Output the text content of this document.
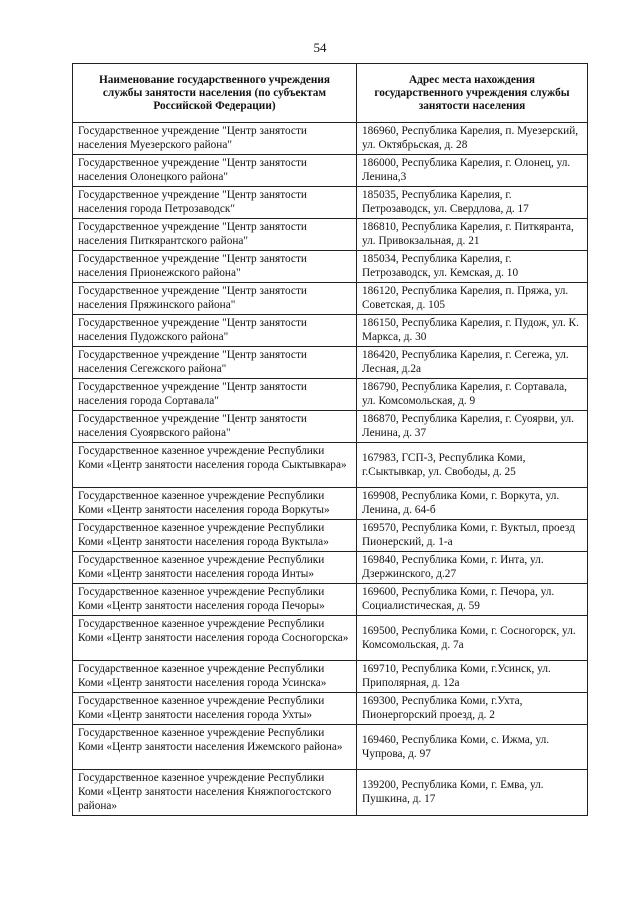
54
Наименование государственного учреждения службы занятости населения (по субъектам Российской Федерации)	Адрес места нахождения государственного учреждения службы занятости населения
Государственное учреждение "Центр занятости населения Муезерского района"	186960, Республика Карелия, п. Муезерский, ул. Октябрьская, д. 28
Государственное учреждение "Центр занятости населения Олонецкого района"	186000, Республика Карелия, г. Олонец, ул. Ленина,3
Государственное учреждение "Центр занятости населения города Петрозаводск"	185035, Республика Карелия, г. Петрозаводск, ул. Свердлова, д. 17
Государственное учреждение "Центр занятости населения Питкярантского района"	186810, Республика Карелия, г. Питкяранта, ул. Привокзальная, д. 21
Государственное учреждение "Центр занятости населения Прионежского района"	185034, Республика Карелия, г. Петрозаводск, ул. Кемская, д. 10
Государственное учреждение "Центр занятости населения Пряжинского района"	186120, Республика Карелия, п. Пряжа, ул. Советская, д. 105
Государственное учреждение "Центр занятости населения Пудожского района"	186150, Республика Карелия, г. Пудож, ул. К. Маркса, д. 30
Государственное учреждение "Центр занятости населения Сегежского района"	186420, Республика Карелия, г. Сегежа, ул. Лесная, д.2а
Государственное учреждение "Центр занятости населения города Сортавала"	186790, Республика Карелия, г. Сортавала, ул. Комсомольская, д. 9
Государственное учреждение "Центр занятости населения Суоярвского района"	186870, Республика Карелия, г. Суоярви, ул. Ленина, д. 37
Государственное казенное учреждение Республики Коми «Центр занятости населения города Сыктывкара»	167983, ГСП-3, Республика Коми, г.Сыктывкар, ул. Свободы, д. 25
Государственное казенное учреждение Республики Коми «Центр занятости населения города Воркуты»	169908, Республика Коми, г. Воркута, ул. Ленина, д. 64-б
Государственное казенное учреждение Республики Коми «Центр занятости населения города Вуктыла»	169570, Республика Коми, г. Вуктыл, проезд Пионерский, д. 1-а
Государственное казенное учреждение Республики Коми «Центр занятости населения города Инты»	169840, Республика Коми, г. Инта, ул. Дзержинского, д.27
Государственное казенное учреждение Республики Коми «Центр занятости населения города Печоры»	169600, Республика Коми, г. Печора, ул. Социалистическая, д. 59
Государственное казенное учреждение Республики Коми «Центр занятости населения города Сосногорска»	169500, Республика Коми, г. Сосногорск, ул. Комсомольская, д. 7а
Государственное казенное учреждение Республики Коми «Центр занятости населения города Усинска»	169710, Республика Коми, г.Усинск, ул. Приполярная, д. 12а
Государственное казенное учреждение Республики Коми «Центр занятости населения города Ухты»	169300, Республика Коми, г.Ухта, Пионергорский проезд, д. 2
Государственное казенное учреждение Республики Коми «Центр занятости населения Ижемского района»	169460, Республика Коми, с. Ижма, ул. Чупрова, д. 97
Государственное казенное учреждение Республики Коми «Центр занятости населения Княжпогостского района»	139200, Республика Коми, г. Емва, ул. Пушкина, д. 17
